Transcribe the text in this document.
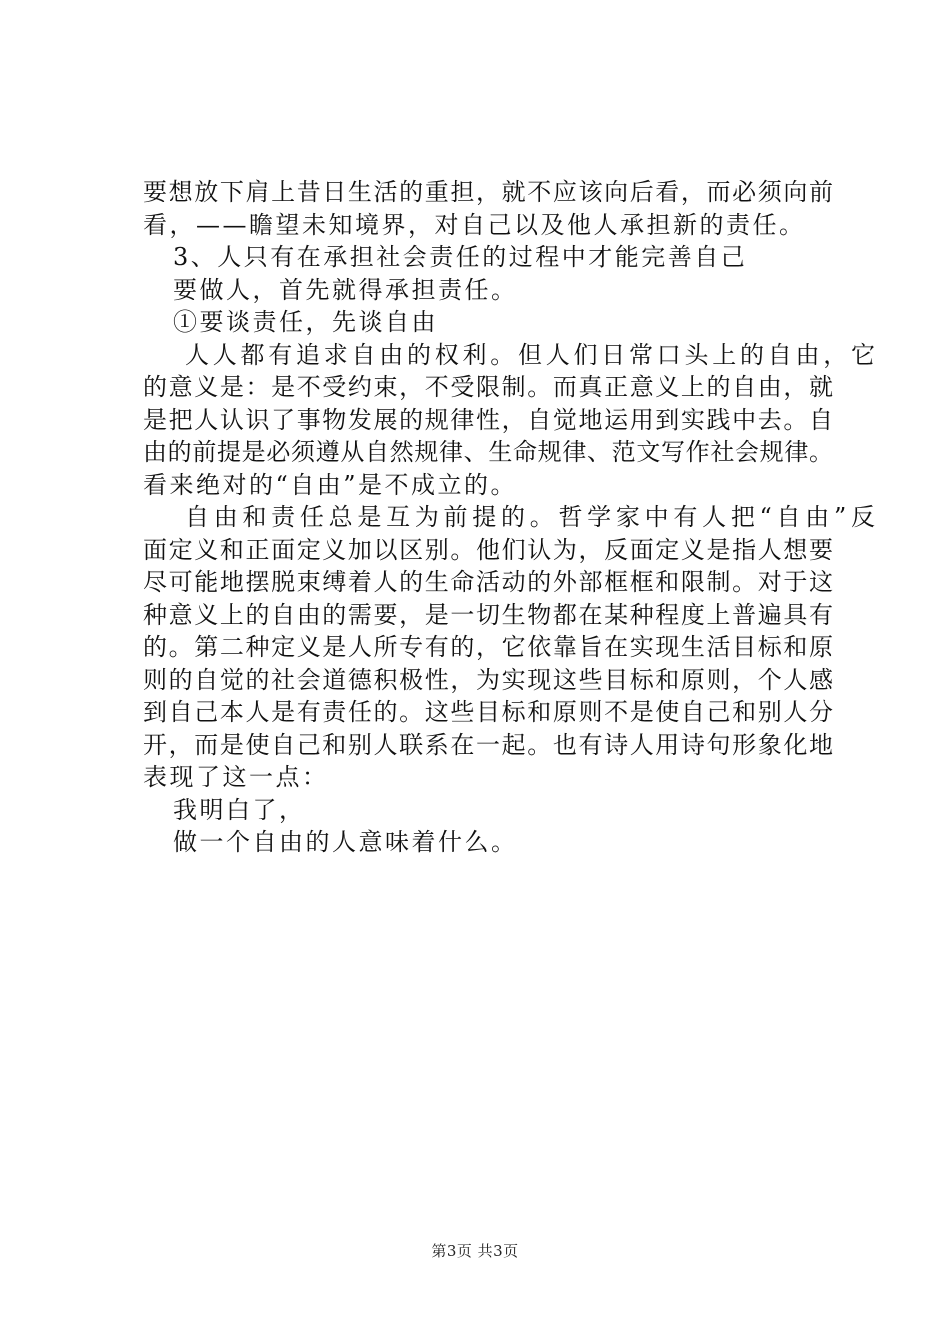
要想放下肩上昔日生活的重担，就不应该向后看，而必须向前
看，——瞻望未知境界，对自己以及他人承担新的责任。
3、人只有在承担社会责任的过程中才能完善自己
要做人，首先就得承担责任。
①要谈责任，先谈自由
人人都有追求自由的权利。但人们日常口头上的自由，它
的意义是：是不受约束，不受限制。而真正意义上的自由，就
是把人认识了事物发展的规律性，自觉地运用到实践中去。自
由的前提是必须遵从自然规律、生命规律、范文写作社会规律。
看来绝对的“自由”是不成立的。
自由和责任总是互为前提的。哲学家中有人把“自由”反
面定义和正面定义加以区别。他们认为，反面定义是指人想要
尽可能地摆脱束缚着人的生命活动的外部框框和限制。对于这
种意义上的自由的需要，是一切生物都在某种程度上普遍具有
的。第二种定义是人所专有的，它依靠旨在实现生活目标和原
则的自觉的社会道德积极性，为实现这些目标和原则，个人感
到自己本人是有责任的。这些目标和原则不是使自己和别人分
开，而是使自己和别人联系在一起。也有诗人用诗句形象化地
表现了这一点：
我明白了，
做一个自由的人意味着什么。
第3页 共3页
